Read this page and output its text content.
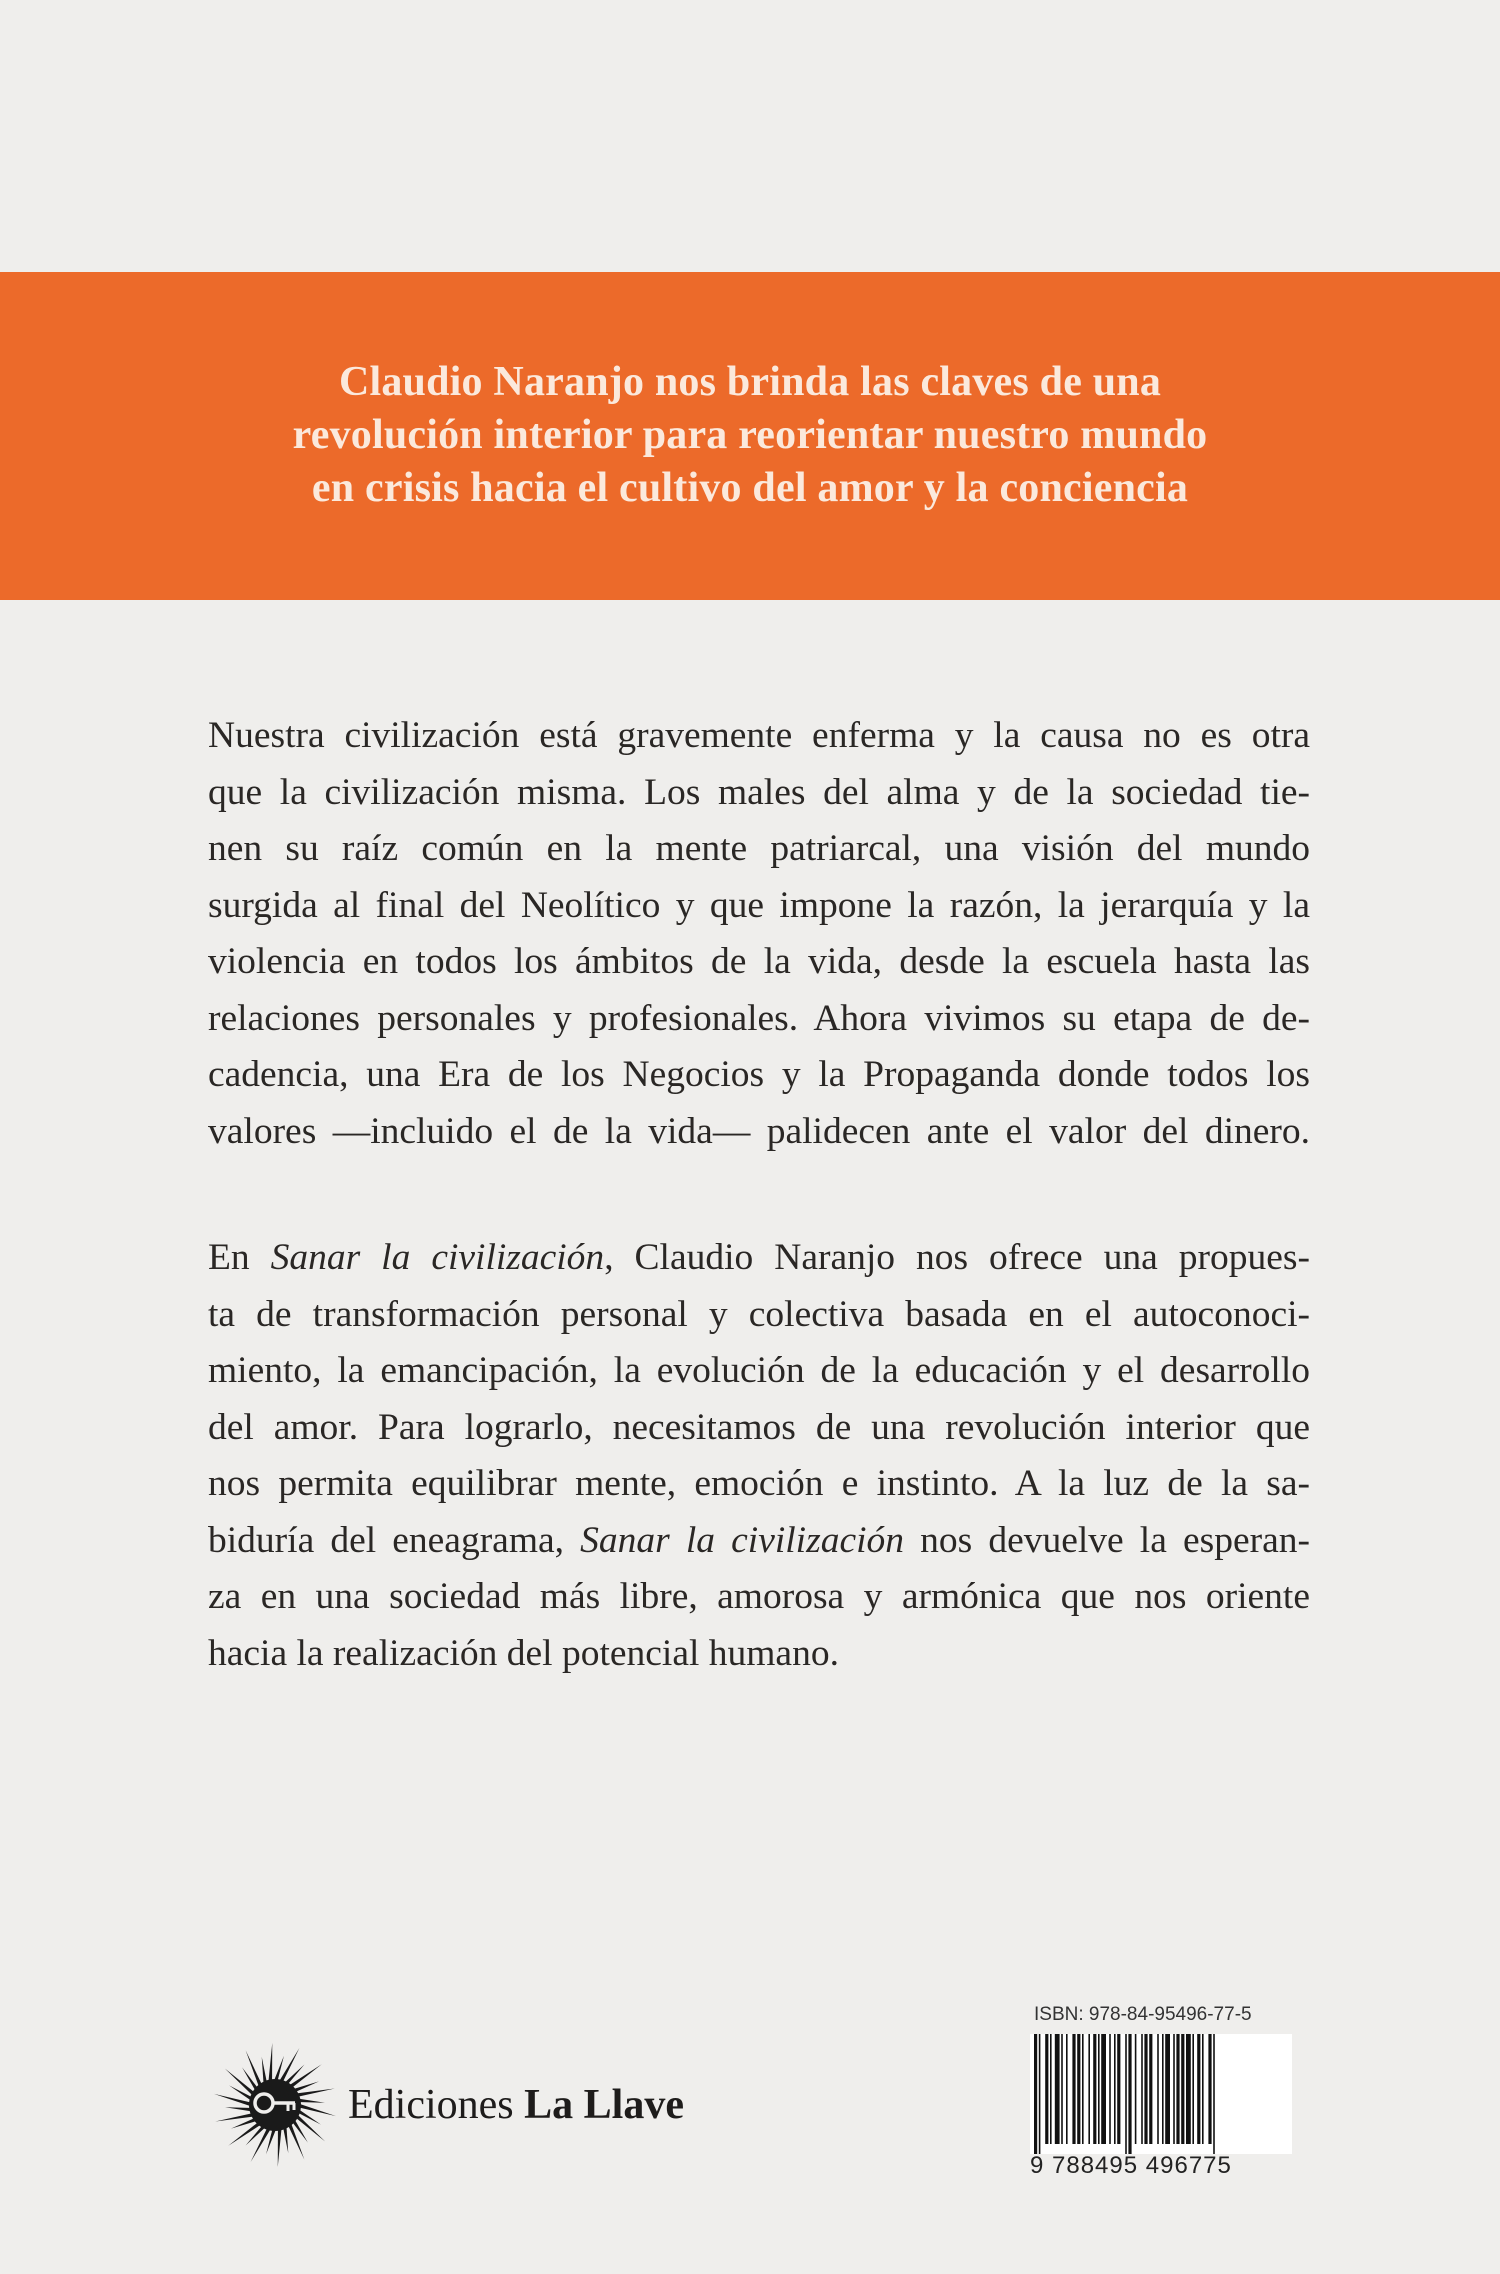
Claudio Naranjo nos brinda las claves de una
revolución interior para reorientar nuestro mundo
en crisis hacia el cultivo del amor y la conciencia
Nuestra civilización está gravemente enferma y la causa no es otra
que la civilización misma. Los males del alma y de la sociedad tie-
nen su raíz común en la mente patriarcal, una visión del mundo
surgida al final del Neolítico y que impone la razón, la jerarquía y la
violencia en todos los ámbitos de la vida, desde la escuela hasta las
relaciones personales y profesionales. Ahora vivimos su etapa de de-
cadencia, una Era de los Negocios y la Propaganda donde todos los
valores —incluido el de la vida— palidecen ante el valor del dinero.
En Sanar la civilización, Claudio Naranjo nos ofrece una propues-
ta de transformación personal y colectiva basada en el autoconoci-
miento, la emancipación, la evolución de la educación y el desarrollo
del amor. Para lograrlo, necesitamos de una revolución interior que
nos permita equilibrar mente, emoción e instinto. A la luz de la sa-
biduría del eneagrama, Sanar la civilización nos devuelve la esperan-
za en una sociedad más libre, amorosa y armónica que nos oriente
hacia la realización del potencial humano.
Ediciones La Llave
ISBN: 978-84-95496-77-5
9 788495 496775
